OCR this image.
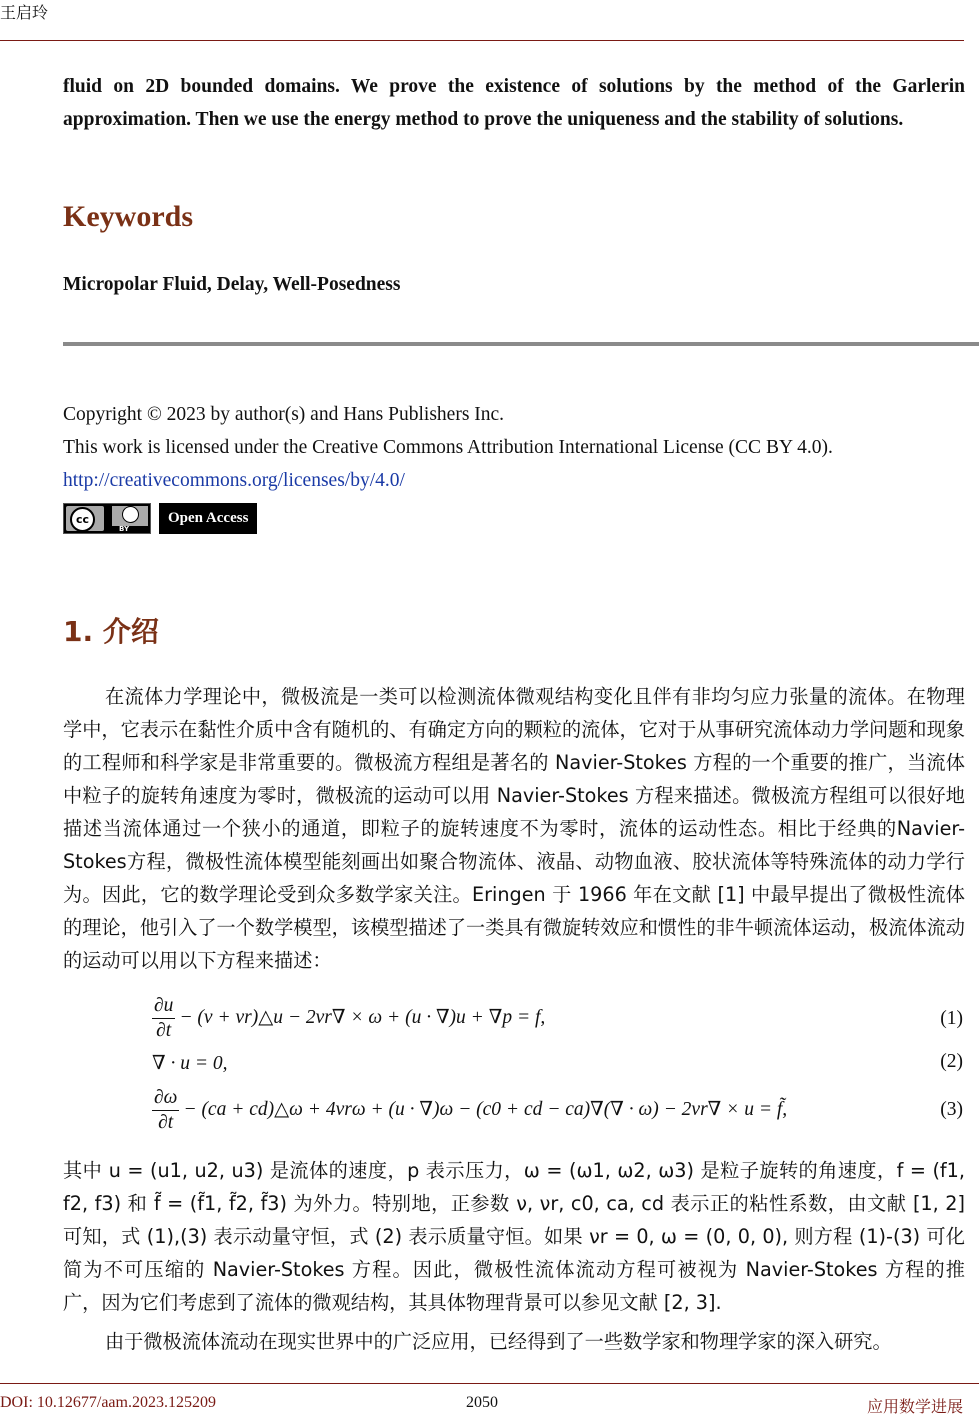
王启玲
fluid on 2D bounded domains. We prove the existence of solutions by the method of the Garlerin approximation. Then we use the energy method to prove the uniqueness and the stability of solutions.
Keywords
Micropolar Fluid, Delay, Well-Posedness
Copyright © 2023 by author(s) and Hans Publishers Inc.
This work is licensed under the Creative Commons Attribution International License (CC BY 4.0).
http://creativecommons.org/licenses/by/4.0/
cc
BY
Open Access
1. 介绍
在流体力学理论中，微极流是一类可以检测流体微观结构变化且伴有非均匀应力张量的流体。在物理学中，它表示在黏性介质中含有随机的、有确定方向的颗粒的流体，它对于从事研究流体动力学问题和现象的工程师和科学家是非常重要的。微极流方程组是著名的 Navier-Stokes 方程的一个重要的推广，当流体中粒子的旋转角速度为零时，微极流的运动可以用 Navier-Stokes 方程来描述。微极流方程组可以很好地描述当流体通过一个狭小的通道，即粒子的旋转速度不为零时，流体的运动性态。相比于经典的Navier-Stokes方程，微极性流体模型能刻画出如聚合物流体、液晶、动物血液、胶状流体等特殊流体的动力学行为。因此，它的数学理论受到众多数学家关注。Eringen 于 1966 年在文献 [1] 中最早提出了微极性流体的理论，他引入了一个数学模型，该模型描述了一类具有微旋转效应和惯性的非牛顿流体运动，极流体流动的运动可以用以下方程来描述：
$\frac{\partial u}{\partial t} - (\nu$ + νr)△u − 2νr∇ × ω + (u · ∇)u + ∇p = f,	(1)
∇ · u = 0,	(2)
$\frac{\partial\omega}{\partial t} - (ca$ + cd)△ω + 4νrω + (u · ∇)ω − (c0 + cd − ca)∇(∇ · ω) − 2νr∇ × u = f̃,	(3)
其中 u = (u1, u2, u3) 是流体的速度，p 表示压力，ω = (ω1, ω2, ω3) 是粒子旋转的角速度，f = (f1, f2, f3) 和 f̃ = (f̃1, f̃2, f̃3) 为外力。特别地，正参数 ν, νr, c0, ca, cd 表示正的粘性系数，由文献 [1, 2] 可知，式 (1),(3) 表示动量守恒，式 (2) 表示质量守恒。如果 νr = 0, ω = (0, 0, 0), 则方程 (1)-(3) 可化简为不可压缩的 Navier-Stokes 方程。因此，微极性流体流动方程可被视为 Navier-Stokes 方程的推广，因为它们考虑到了流体的微观结构，其具体物理背景可以参见文献 [2, 3].
由于微极流体流动在现实世界中的广泛应用，已经得到了一些数学家和物理学家的深入研究。
DOI: 10.12677/aam.2023.125209	2050	应用数学进展
